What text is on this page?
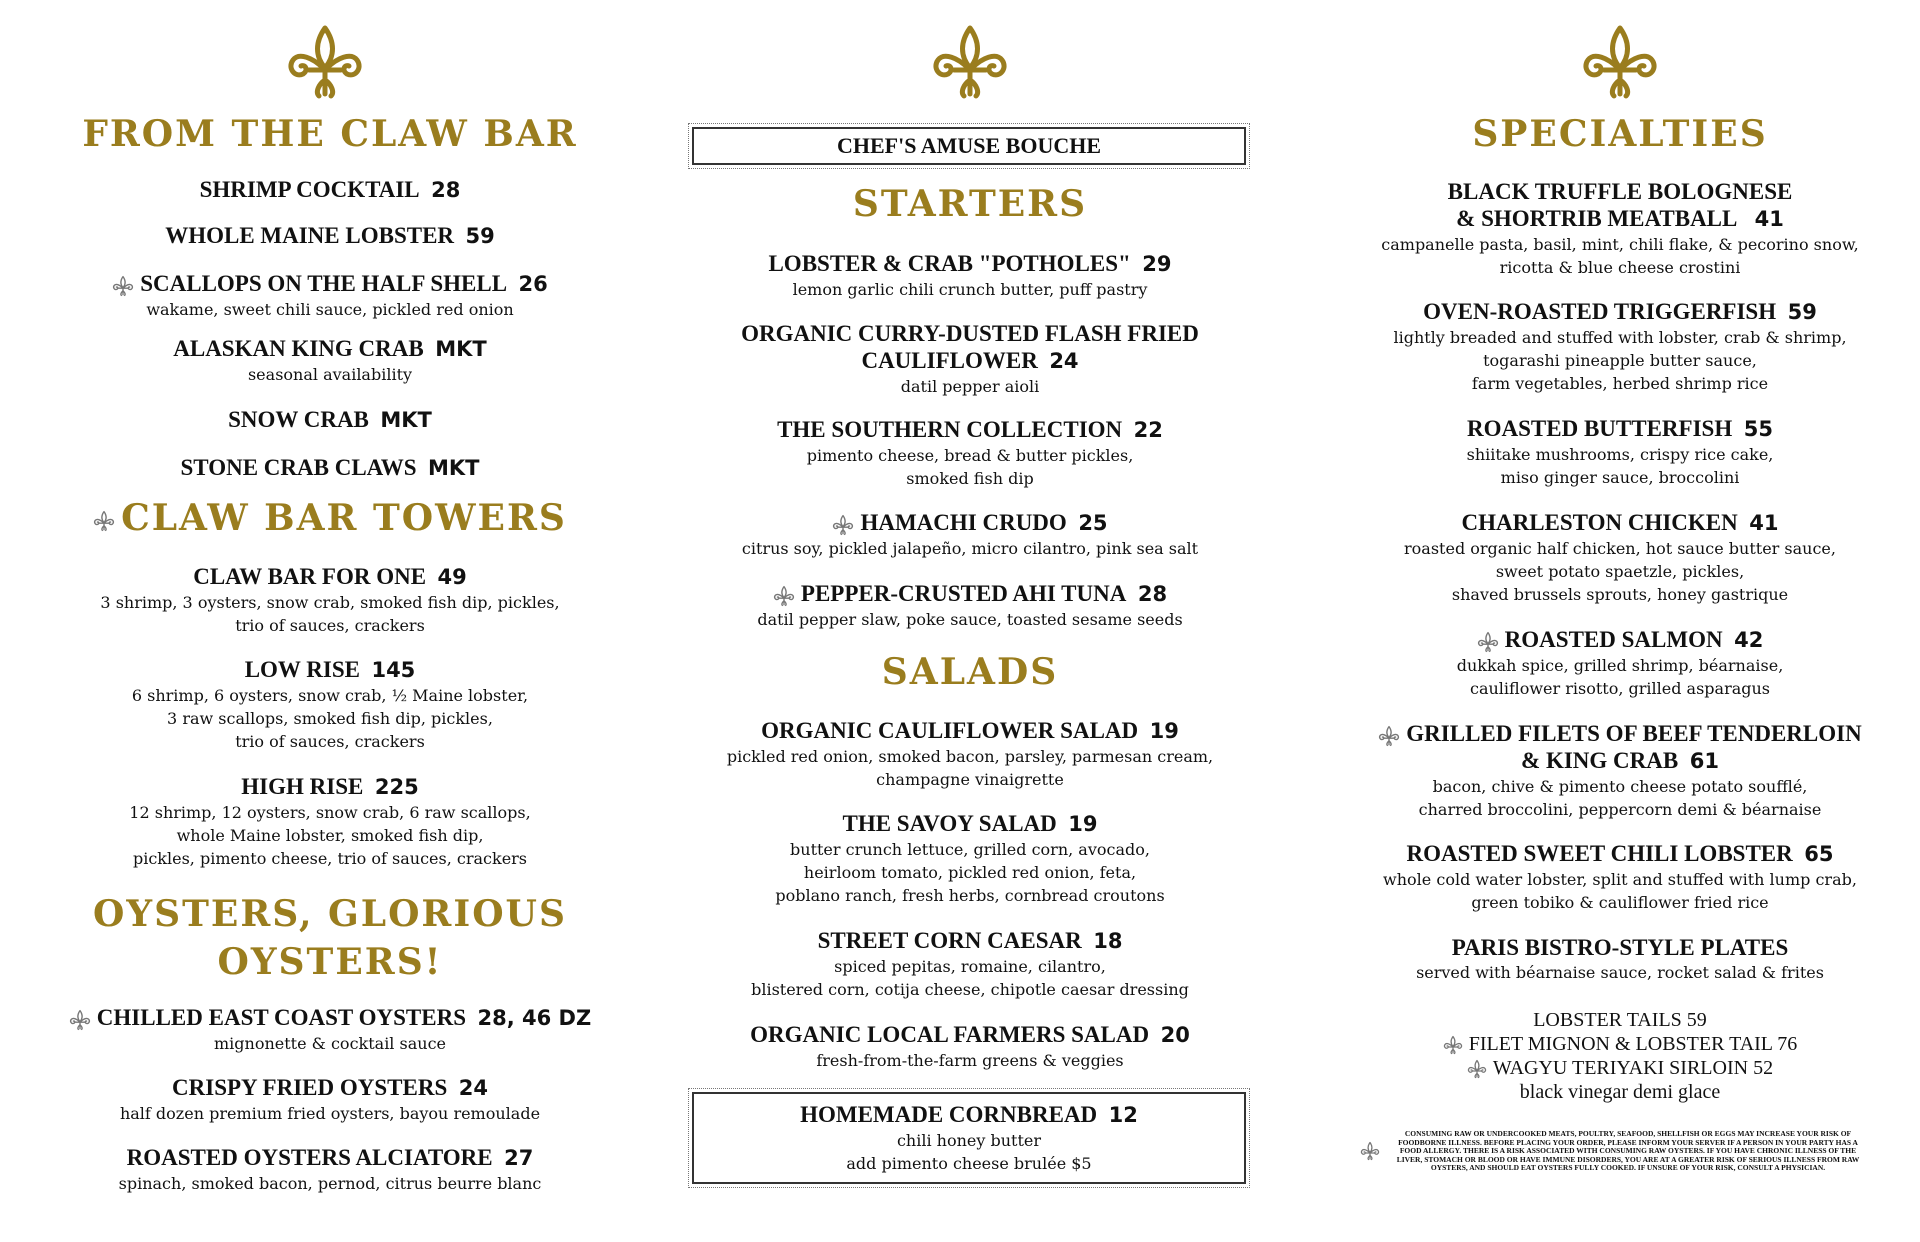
FROM THE CLAW BAR
SHRIMP COCKTAIL 28
WHOLE MAINE LOBSTER 59
SCALLOPS ON THE HALF SHELL 26
wakame, sweet chili sauce, pickled red onion
ALASKAN KING CRAB MKT
seasonal availability
SNOW CRAB MKT
STONE CRAB CLAWS MKT
CLAW BAR TOWERS
CLAW BAR FOR ONE 49
3 shrimp, 3 oysters, snow crab, smoked fish dip, pickles,
trio of sauces, crackers
LOW RISE 145
6 shrimp, 6 oysters, snow crab, ½ Maine lobster,
3 raw scallops, smoked fish dip, pickles,
trio of sauces, crackers
HIGH RISE 225
12 shrimp, 12 oysters, snow crab, 6 raw scallops,
whole Maine lobster, smoked fish dip,
pickles, pimento cheese, trio of sauces, crackers
OYSTERS, GLORIOUS
OYSTERS!
CHILLED EAST COAST OYSTERS 28, 46 DZ
mignonette & cocktail sauce
CRISPY FRIED OYSTERS 24
half dozen premium fried oysters, bayou remoulade
ROASTED OYSTERS ALCIATORE 27
spinach, smoked bacon, pernod, citrus beurre blanc
CHEF'S AMUSE BOUCHE
STARTERS
LOBSTER & CRAB "POTHOLES" 29
lemon garlic chili crunch butter, puff pastry
ORGANIC CURRY-DUSTED FLASH FRIED
CAULIFLOWER 24
datil pepper aioli
THE SOUTHERN COLLECTION 22
pimento cheese, bread & butter pickles,
smoked fish dip
HAMACHI CRUDO 25
citrus soy, pickled jalapeño, micro cilantro, pink sea salt
PEPPER-CRUSTED AHI TUNA 28
datil pepper slaw, poke sauce, toasted sesame seeds
SALADS
ORGANIC CAULIFLOWER SALAD 19
pickled red onion, smoked bacon, parsley, parmesan cream,
champagne vinaigrette
THE SAVOY SALAD 19
butter crunch lettuce, grilled corn, avocado,
heirloom tomato, pickled red onion, feta,
poblano ranch, fresh herbs, cornbread croutons
STREET CORN CAESAR 18
spiced pepitas, romaine, cilantro,
blistered corn, cotija cheese, chipotle caesar dressing
ORGANIC LOCAL FARMERS SALAD 20
fresh-from-the-farm greens & veggies
HOMEMADE CORNBREAD 12
chili honey butter
add pimento cheese brulée $5
SPECIALTIES
BLACK TRUFFLE BOLOGNESE
& SHORTRIB MEATBALL 41
campanelle pasta, basil, mint, chili flake, & pecorino snow,
ricotta & blue cheese crostini
OVEN-ROASTED TRIGGERFISH 59
lightly breaded and stuffed with lobster, crab & shrimp,
togarashi pineapple butter sauce,
farm vegetables, herbed shrimp rice
ROASTED BUTTERFISH 55
shiitake mushrooms, crispy rice cake,
miso ginger sauce, broccolini
CHARLESTON CHICKEN 41
roasted organic half chicken, hot sauce butter sauce,
sweet potato spaetzle, pickles,
shaved brussels sprouts, honey gastrique
ROASTED SALMON 42
dukkah spice, grilled shrimp, béarnaise,
cauliflower risotto, grilled asparagus
GRILLED FILETS OF BEEF TENDERLOIN
& KING CRAB 61
bacon, chive & pimento cheese potato soufflé,
charred broccolini, peppercorn demi & béarnaise
ROASTED SWEET CHILI LOBSTER 65
whole cold water lobster, split and stuffed with lump crab,
green tobiko & cauliflower fried rice
PARIS BISTRO-STYLE PLATES
served with béarnaise sauce, rocket salad & frites
LOBSTER TAILS 59
FILET MIGNON & LOBSTER TAIL 76
WAGYU TERIYAKI SIRLOIN 52
black vinegar demi glace
CONSUMING RAW OR UNDERCOOKED MEATS, POULTRY, SEAFOOD, SHELLFISH OR EGGS MAY INCREASE YOUR RISK OF FOODBORNE ILLNESS. BEFORE PLACING YOUR ORDER, PLEASE INFORM YOUR SERVER IF A PERSON IN YOUR PARTY HAS A FOOD ALLERGY. THERE IS A RISK ASSOCIATED WITH CONSUMING RAW OYSTERS. IF YOU HAVE CHRONIC ILLNESS OF THE LIVER, STOMACH OR BLOOD OR HAVE IMMUNE DISORDERS, YOU ARE AT A GREATER RISK OF SERIOUS ILLNESS FROM RAW OYSTERS, AND SHOULD EAT OYSTERS FULLY COOKED. IF UNSURE OF YOUR RISK, CONSULT A PHYSICIAN.
